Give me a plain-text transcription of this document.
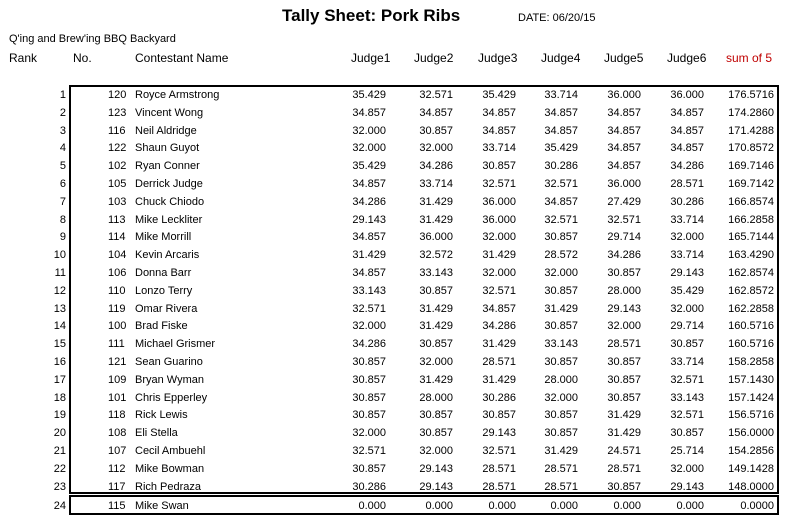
Tally Sheet: Pork Ribs	DATE: 06/20/15
Q'ing and Brew'ing BBQ Backyard
Rank	No.	Contestant Name	Judge1 Judge2 Judge3 Judge4 Judge5 Judge6 sum of 5
1	120 Royce Armstrong	35.429	32.571	35.429	33.714	36.000	36.000	176.5716
2	123 Vincent Wong	34.857	34.857	34.857	34.857	34.857	34.857	174.2860
3	116 Neil Aldridge	32.000	30.857	34.857	34.857	34.857	34.857	171.4288
4	122 Shaun Guyot	32.000	32.000	33.714	35.429	34.857	34.857	170.8572
5	102 Ryan Conner	35.429	34.286	30.857	30.286	34.857	34.286	169.7146
6	105 Derrick Judge	34.857	33.714	32.571	32.571	36.000	28.571	169.7142
7	103 Chuck Chiodo	34.286	31.429	36.000	34.857	27.429	30.286	166.8574
8	113 Mike Leckliter	29.143	31.429	36.000	32.571	32.571	33.714	166.2858
9	114 Mike Morrill	34.857	36.000	32.000	30.857	29.714	32.000	165.7144
10	104 Kevin Arcaris	31.429	32.572	31.429	28.572	34.286	33.714	163.4290
11	106 Donna Barr	34.857	33.143	32.000	32.000	30.857	29.143	162.8574
12	110 Lonzo Terry	33.143	30.857	32.571	30.857	28.000	35.429	162.8572
13	119 Omar Rivera	32.571	31.429	34.857	31.429	29.143	32.000	162.2858
14	100 Brad Fiske	32.000	31.429	34.286	30.857	32.000	29.714	160.5716
15	111 Michael Grismer	34.286	30.857	31.429	33.143	28.571	30.857	160.5716
16	121 Sean Guarino	30.857	32.000	28.571	30.857	30.857	33.714	158.2858
17	109 Bryan Wyman	30.857	31.429	31.429	28.000	30.857	32.571	157.1430
18	101 Chris Epperley	30.857	28.000	30.286	32.000	30.857	33.143	157.1424
19	118 Rick Lewis	30.857	30.857	30.857	30.857	31.429	32.571	156.5716
20	108 Eli Stella	32.000	30.857	29.143	30.857	31.429	30.857	156.0000
21	107 Cecil Ambuehl	32.571	32.000	32.571	31.429	24.571	25.714	154.2856
22	112 Mike Bowman	30.857	29.143	28.571	28.571	28.571	32.000	149.1428
23	117 Rich Pedraza	30.286	29.143	28.571	28.571	30.857	29.143	148.0000
24	115 Mike Swan	0.000	0.000	0.000	0.000	0.000	0.000	0.0000
